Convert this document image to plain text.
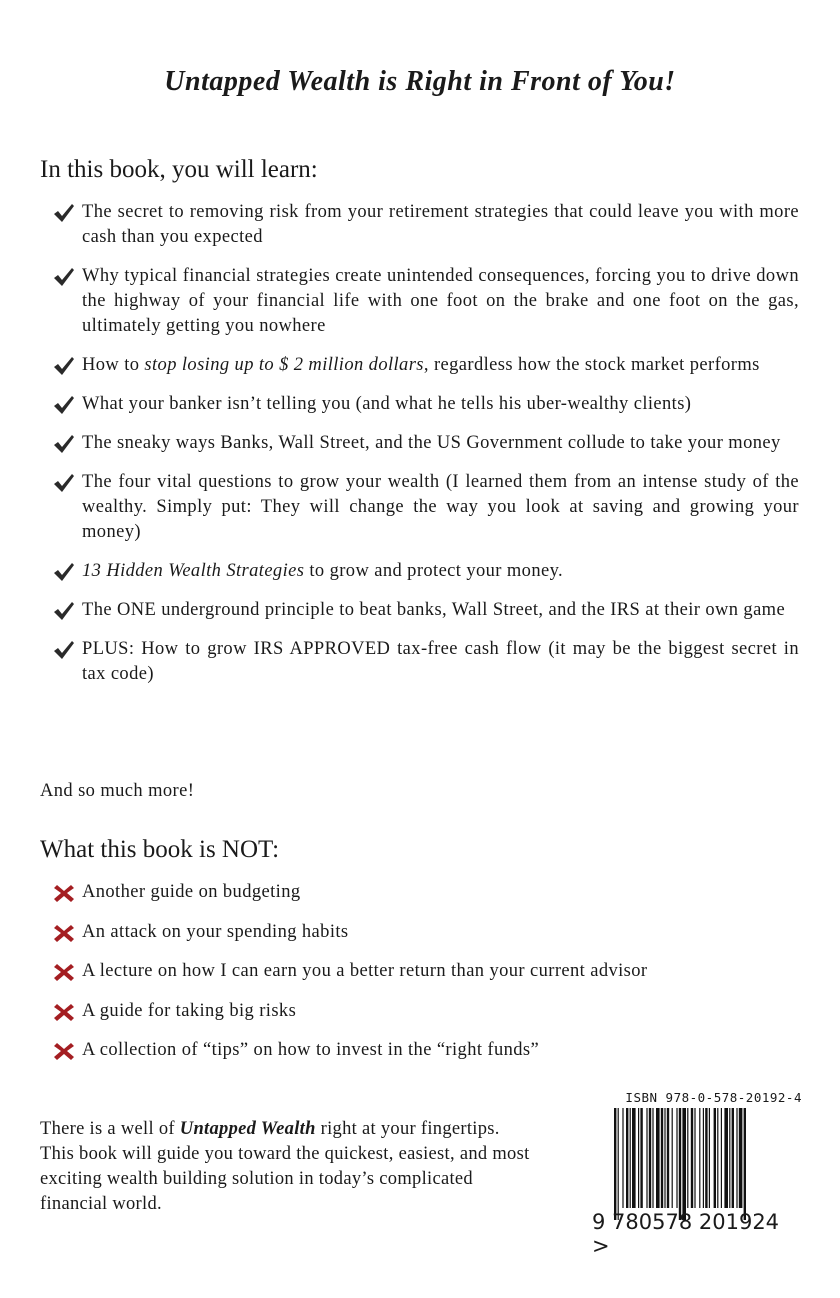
Untapped Wealth is Right in Front of You!
In this book, you will learn:
The secret to removing risk from your retirement strategies that could leave you with more cash than you expected
Why typical financial strategies create unintended consequences, forcing you to drive down the highway of your financial life with one foot on the brake and one foot on the gas, ultimately getting you nowhere
How to stop losing up to $ 2 million dollars, regardless how the stock market performs
What your banker isn’t telling you (and what he tells his uber-wealthy clients)
The sneaky ways Banks, Wall Street, and the US Government collude to take your money
The four vital questions to grow your wealth (I learned them from an intense study of the wealthy. Simply put: They will change the way you look at saving and growing your money)
13 Hidden Wealth Strategies to grow and protect your money.
The ONE underground principle to beat banks, Wall Street, and the IRS at their own game
PLUS: How to grow IRS APPROVED tax-free cash flow (it may be the biggest secret in tax code)
And so much more!
What this book is NOT:
Another guide on budgeting
An attack on your spending habits
A lecture on how I can earn you a better return than your current advisor
A guide for taking big risks
A collection of “tips” on how to invest in the “right funds”
There is a well of Untapped Wealth right at your fingertips. This book will guide you toward the quickest, easiest, and most exciting wealth building solution in today’s complicated financial world.
ISBN 978-0-578-20192-4
9 780578 201924 >
